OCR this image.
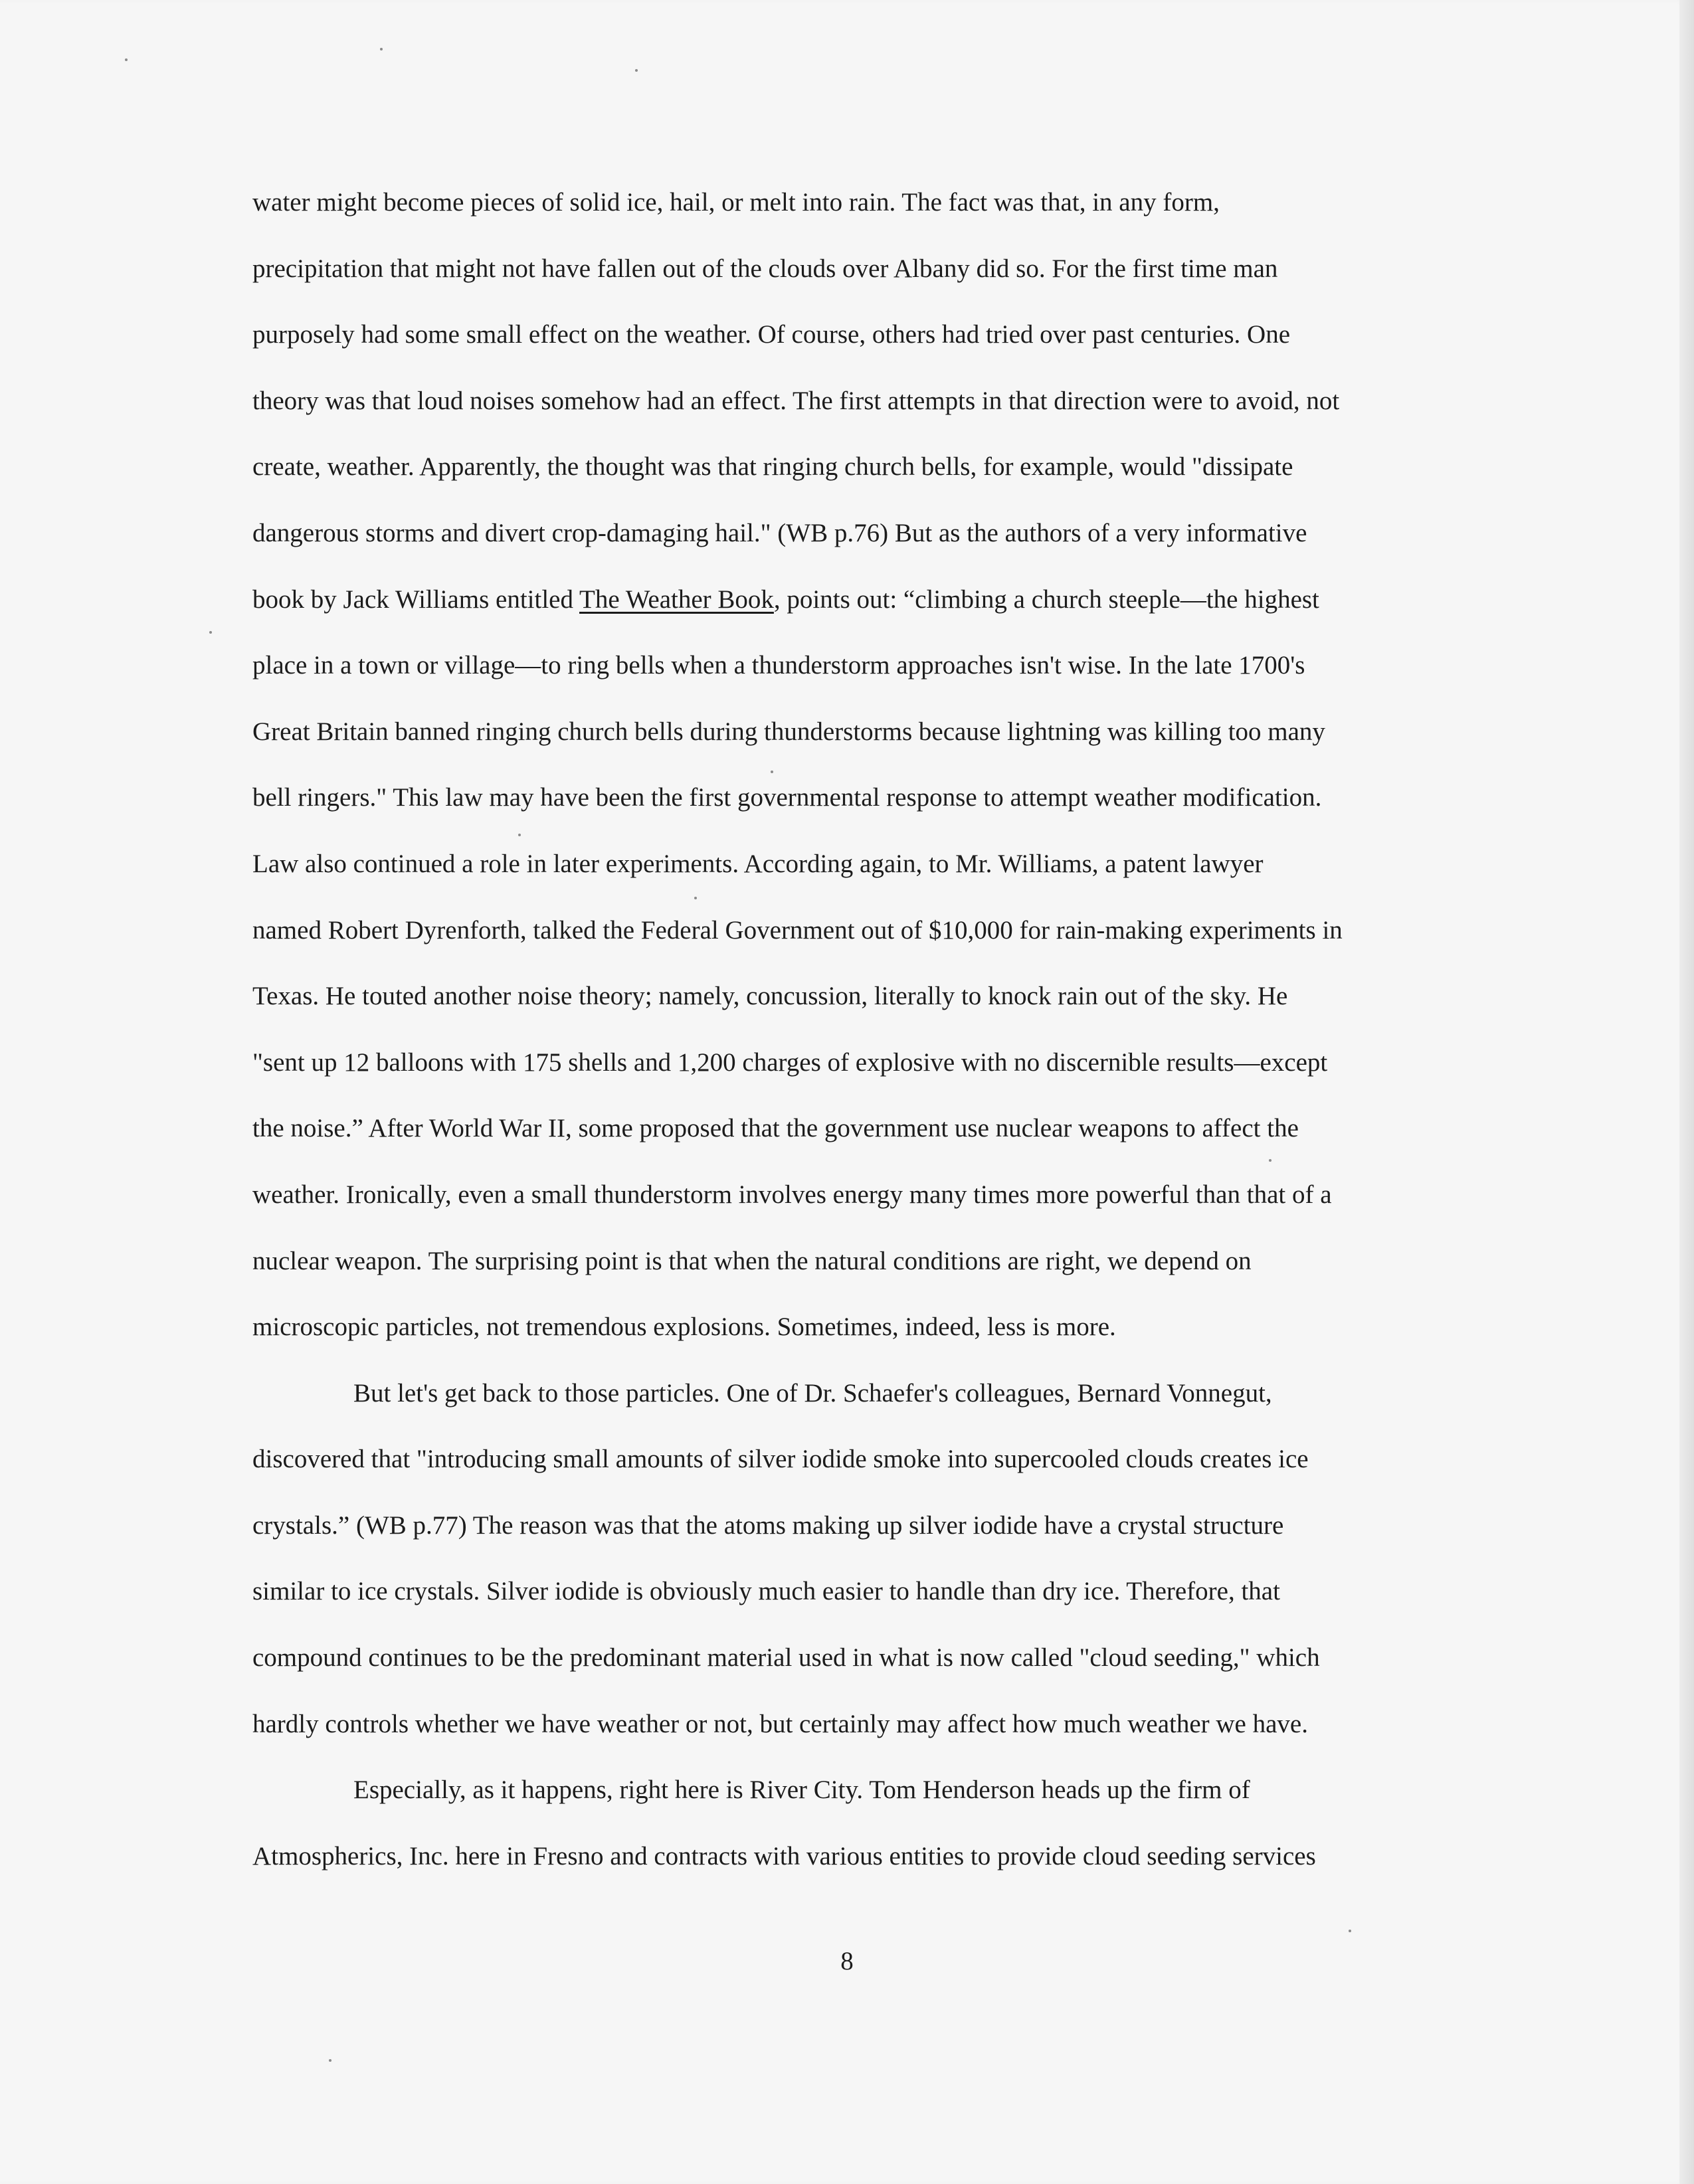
water might become pieces of solid ice, hail, or melt into rain. The fact was that, in any form,
precipitation that might not have fallen out of the clouds over Albany did so. For the first time man
purposely had some small effect on the weather. Of course, others had tried over past centuries. One
theory was that loud noises somehow had an effect. The first attempts in that direction were to avoid, not
create, weather. Apparently, the thought was that ringing church bells, for example, would "dissipate
dangerous storms and divert crop-damaging hail." (WB p.76) But as the authors of a very informative
book by Jack Williams entitled The Weather Book, points out: “climbing a church steeple—the highest
place in a town or village—to ring bells when a thunderstorm approaches isn't wise. In the late 1700's
Great Britain banned ringing church bells during thunderstorms because lightning was killing too many
bell ringers." This law may have been the first governmental response to attempt weather modification.
Law also continued a role in later experiments. According again, to Mr. Williams, a patent lawyer
named Robert Dyrenforth, talked the Federal Government out of $10,000 for rain-making experiments in
Texas. He touted another noise theory; namely, concussion, literally to knock rain out of the sky. He
"sent up 12 balloons with 175 shells and 1,200 charges of explosive with no discernible results—except
the noise.” After World War II, some proposed that the government use nuclear weapons to affect the
weather. Ironically, even a small thunderstorm involves energy many times more powerful than that of a
nuclear weapon. The surprising point is that when the natural conditions are right, we depend on
microscopic particles, not tremendous explosions. Sometimes, indeed, less is more.
But let's get back to those particles. One of Dr. Schaefer's colleagues, Bernard Vonnegut,
discovered that "introducing small amounts of silver iodide smoke into supercooled clouds creates ice
crystals.” (WB p.77) The reason was that the atoms making up silver iodide have a crystal structure
similar to ice crystals. Silver iodide is obviously much easier to handle than dry ice. Therefore, that
compound continues to be the predominant material used in what is now called "cloud seeding," which
hardly controls whether we have weather or not, but certainly may affect how much weather we have.
Especially, as it happens, right here is River City. Tom Henderson heads up the firm of
Atmospherics, Inc. here in Fresno and contracts with various entities to provide cloud seeding services
8
